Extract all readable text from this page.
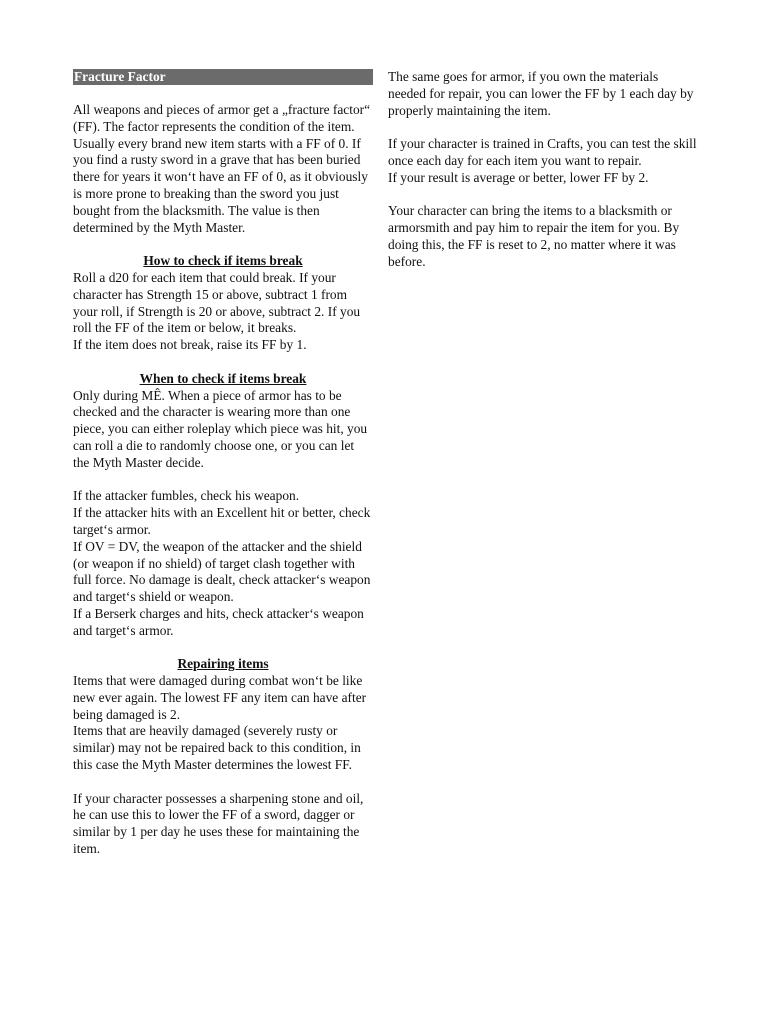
Fracture Factor

All weapons and pieces of armor get a „fracture factor“ (FF). The factor represents the condition of the item. Usually every brand new item starts with a FF of 0. If you find a rusty sword in a grave that has been buried there for years it won‘t have an FF of 0, as it obviously is more prone to breaking than the sword you just bought from the blacksmith. The value is then determined by the Myth Master.

How to check if items break

Roll a d20 for each item that could break. If your character has Strength 15 or above, subtract 1 from your roll, if Strength is 20 or above, subtract 2. If you roll the FF of the item or below, it breaks.

If the item does not break, raise its FF by 1.

When to check if items break

Only during MÊ. When a piece of armor has to be checked and the character is wearing more than one piece, you can either roleplay which piece was hit, you can roll a die to randomly choose one, or you can let the Myth Master decide.

If the attacker fumbles, check his weapon.

If the attacker hits with an Excellent hit or better, check target‘s armor.

If OV = DV, the weapon of the attacker and the shield (or weapon if no shield) of target clash together with full force. No damage is dealt, check attacker‘s weapon and target‘s shield or weapon.

If a Berserk charges and hits, check attacker‘s weapon and target‘s armor.

Repairing items

Items that were damaged during combat won‘t be like new ever again. The lowest FF any item can have after being damaged is 2.

Items that are heavily damaged (severely rusty or similar) may not be repaired back to this condition, in this case the Myth Master determines the lowest FF.

If your character possesses a sharpening stone and oil, he can use this to lower the FF of a sword, dagger or similar by 1 per day he uses these for maintaining the item.

The same goes for armor, if you own the materials needed for repair, you can lower the FF by 1 each day by properly maintaining the item.

If your character is trained in Crafts, you can test the skill once each day for each item you want to repair.

If your result is average or better, lower FF by 2.

Your character can bring the items to a blacksmith or armorsmith and pay him to repair the item for you. By doing this, the FF is reset to 2, no matter where it was before.
